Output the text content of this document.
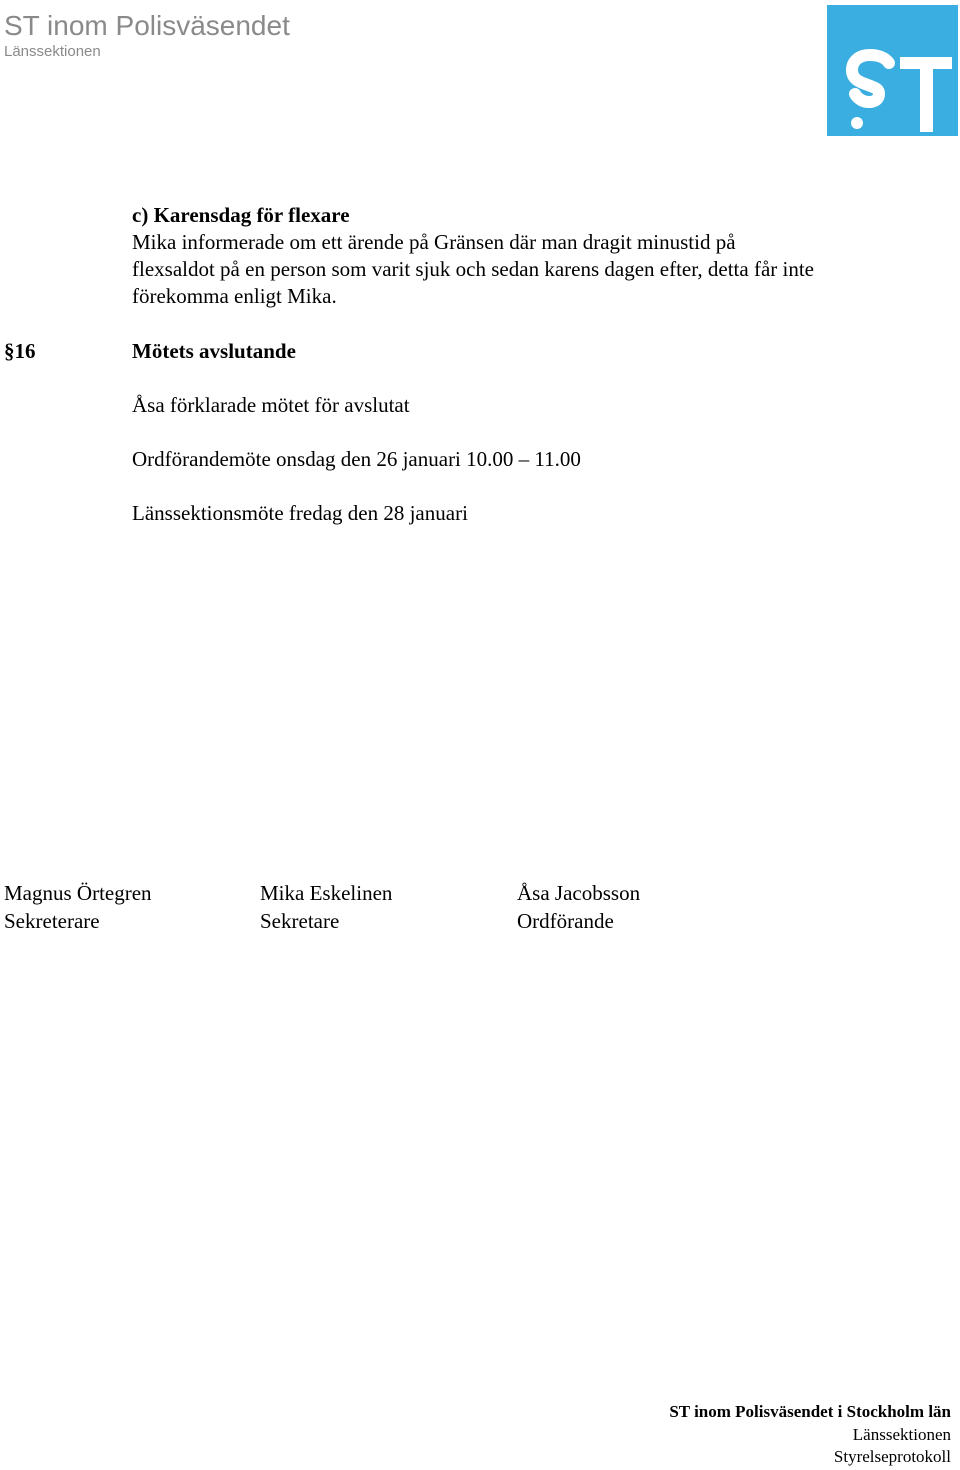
ST inom Polisväsendet
Länssektionen
c) Karensdag för flexare
Mika informerade om ett ärende på Gränsen där man dragit minustid på
flexsaldot på en person som varit sjuk och sedan karens dagen efter, detta får inte
förekomma enligt Mika.
§16	Mötets avslutande
Åsa förklarade mötet för avslutat
Ordförandemöte onsdag den 26 januari 10.00 – 11.00
Länssektionsmöte fredag den 28 januari
Magnus Örtegren
Sekreterare
Mika Eskelinen
Sekretare
Åsa Jacobsson
Ordförande
ST inom Polisväsendet i Stockholm län
Länssektionen
Styrelseprotokoll
